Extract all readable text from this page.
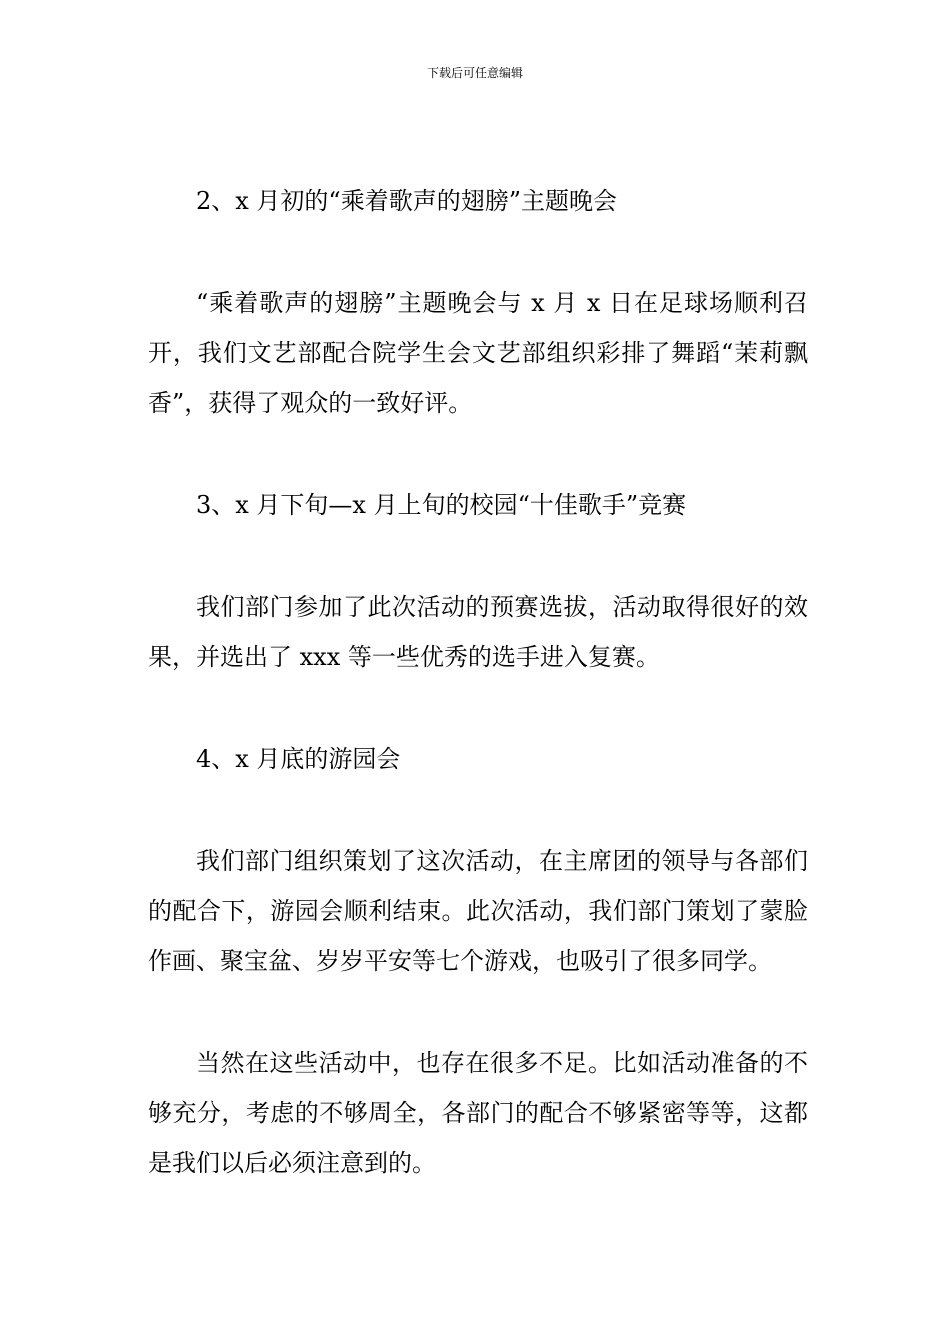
下载后可任意编辑
2、x 月初的“乘着歌声的翅膀”主题晚会
“乘着歌声的翅膀”主题晚会与 x 月 x 日在足球场顺利召开，我们文艺部配合院学生会文艺部组织彩排了舞蹈“茉莉飘香”，获得了观众的一致好评。
3、x 月下旬—x 月上旬的校园“十佳歌手”竞赛
我们部门参加了此次活动的预赛选拔，活动取得很好的效果，并选出了 xxx 等一些优秀的选手进入复赛。
4、x 月底的游园会
我们部门组织策划了这次活动，在主席团的领导与各部们的配合下，游园会顺利结束。此次活动，我们部门策划了蒙脸作画、聚宝盆、岁岁平安等七个游戏，也吸引了很多同学。
当然在这些活动中，也存在很多不足。比如活动准备的不够充分，考虑的不够周全，各部门的配合不够紧密等等，这都是我们以后必须注意到的。
